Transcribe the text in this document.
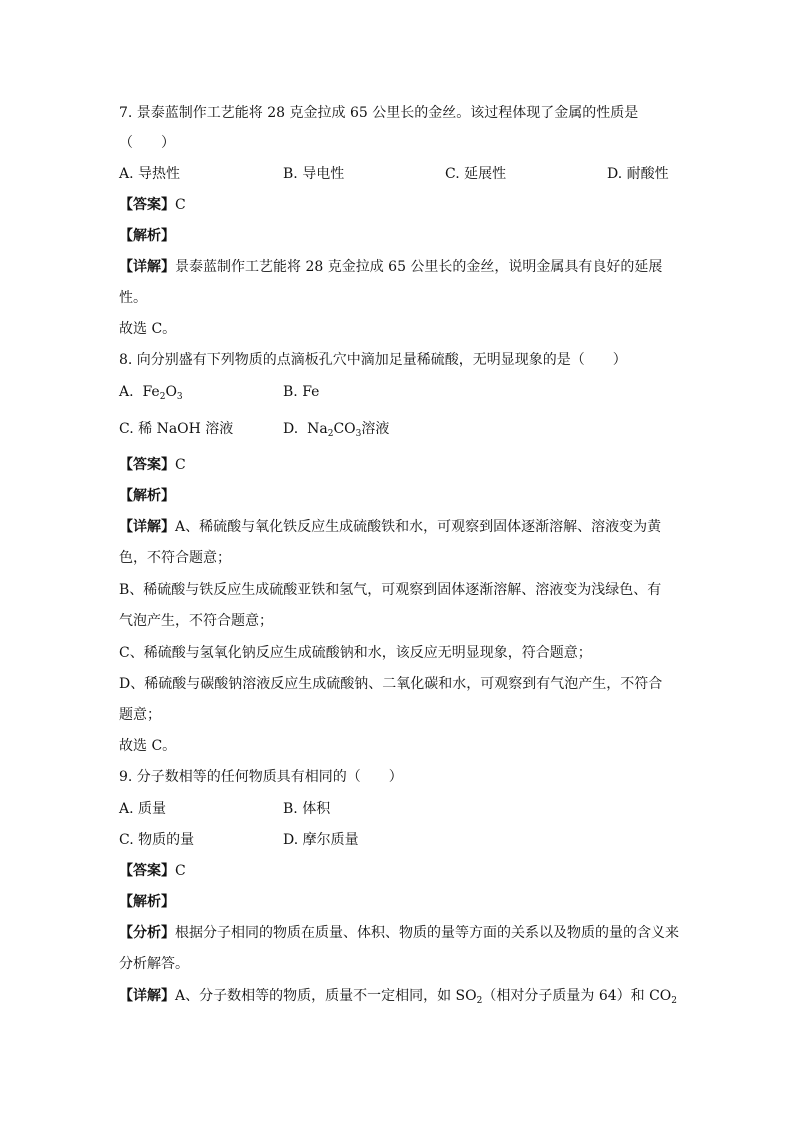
7. 景泰蓝制作工艺能将 28 克金拉成 65 公里长的金丝。该过程体现了金属的性质是
（　　）
A. 导热性	B. 导电性	C. 延展性	D. 耐酸性
【答案】C
【解析】
【详解】景泰蓝制作工艺能将 28 克金拉成 65 公里长的金丝，说明金属具有良好的延展
性。
故选 C。
8. 向分别盛有下列物质的点滴板孔穴中滴加足量稀硫酸，无明显现象的是（　　）
A. $Fe_2O_3$	B. Fe
C. 稀 NaOH 溶液	D. $Na_2CO_3$溶液
【答案】C
【解析】
【详解】A、稀硫酸与氧化铁反应生成硫酸铁和水，可观察到固体逐渐溶解、溶液变为黄
色，不符合题意；
B、稀硫酸与铁反应生成硫酸亚铁和氢气，可观察到固体逐渐溶解、溶液变为浅绿色、有
气泡产生，不符合题意；
C、稀硫酸与氢氧化钠反应生成硫酸钠和水，该反应无明显现象，符合题意；
D、稀硫酸与碳酸钠溶液反应生成硫酸钠、二氧化碳和水，可观察到有气泡产生，不符合
题意；
故选 C。
9. 分子数相等的任何物质具有相同的（　　）
A. 质量	B. 体积
C. 物质的量	D. 摩尔质量
【答案】C
【解析】
【分析】根据分子相同的物质在质量、体积、物质的量等方面的关系以及物质的量的含义来
分析解答。
【详解】A、分子数相等的物质，质量不一定相同，如 $SO_2$（相对分子质量为 64）和 $CO_2$
